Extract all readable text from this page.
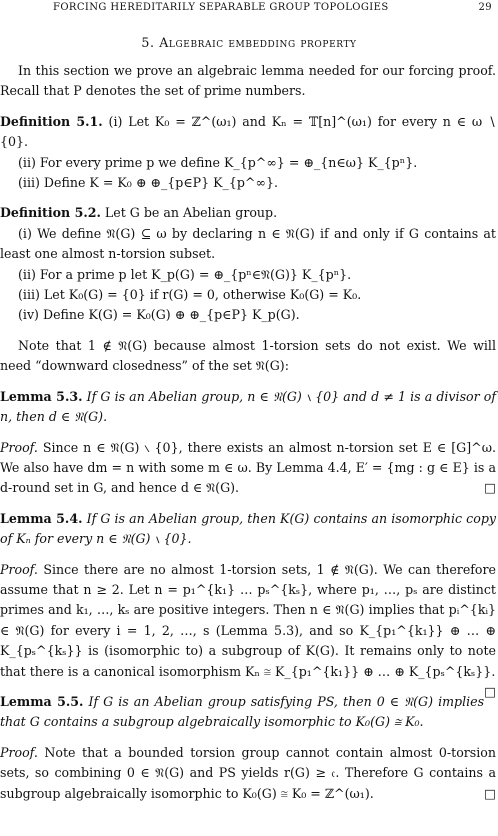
FORCING HEREDITARILY SEPARABLE GROUP TOPOLOGIES	29
5. Algebraic embedding property

In this section we prove an algebraic lemma needed for our forcing proof. Recall that P denotes the set of prime numbers.

Definition 5.1. (i) Let K₀ = ℤ^(ω₁) and Kₙ = 𝕋[n]^(ω₁) for every n ∈ ω ∖ {0}.

(ii) For every prime p we define K_{p^∞} = ⊕_{n∈ω} K_{pⁿ}.

(iii) Define K = K₀ ⊕ ⊕_{p∈P} K_{p^∞}.

Definition 5.2. Let G be an Abelian group.

(i) We define 𝔑(G) ⊆ ω by declaring n ∈ 𝔑(G) if and only if G contains at least one almost n-torsion subset.

(ii) For a prime p let K_p(G) = ⊕_{pⁿ∈𝔑(G)} K_{pⁿ}.

(iii) Let K₀(G) = {0} if r(G) = 0, otherwise K₀(G) = K₀.

(iv) Define K(G) = K₀(G) ⊕ ⊕_{p∈P} K_p(G).

Note that 1 ∉ 𝔑(G) because almost 1-torsion sets do not exist. We will need “downward closedness” of the set 𝔑(G):

Lemma 5.3. If G is an Abelian group, n ∈ 𝔑(G) ∖ {0} and d ≠ 1 is a divisor of n, then d ∈ 𝔑(G).

Proof. Since n ∈ 𝔑(G) ∖ {0}, there exists an almost n-torsion set E ∈ [G]^ω. We also have dm = n with some m ∈ ω. By Lemma 4.4, E′ = {mg : g ∈ E} is a d-round set in G, and hence d ∈ 𝔑(G).	□

Lemma 5.4. If G is an Abelian group, then K(G) contains an isomorphic copy of Kₙ for every n ∈ 𝔑(G) ∖ {0}.

Proof. Since there are no almost 1-torsion sets, 1 ∉ 𝔑(G). We can therefore assume that n ≥ 2. Let n = p₁^{k₁} … pₛ^{kₛ}, where p₁, …, pₛ are distinct primes and k₁, …, kₛ are positive integers. Then n ∈ 𝔑(G) implies that pᵢ^{kᵢ} ∈ 𝔑(G) for every i = 1, 2, …, s (Lemma 5.3), and so K_{p₁^{k₁}} ⊕ … ⊕ K_{pₛ^{kₛ}} is (isomorphic to) a subgroup of K(G). It remains only to note that there is a canonical isomorphism Kₙ ≅ K_{p₁^{k₁}} ⊕ … ⊕ K_{pₛ^{kₛ}}.
□

Lemma 5.5. If G is an Abelian group satisfying PS, then 0 ∈ 𝔑(G) implies that G contains a subgroup algebraically isomorphic to K₀(G) ≅ K₀.

Proof. Note that a bounded torsion group cannot contain almost 0-torsion sets, so combining 0 ∈ 𝔑(G) and PS yields r(G) ≥ 𝔠. Therefore G contains a subgroup algebraically isomorphic to K₀(G) ≅ K₀ = ℤ^(ω₁).	□
